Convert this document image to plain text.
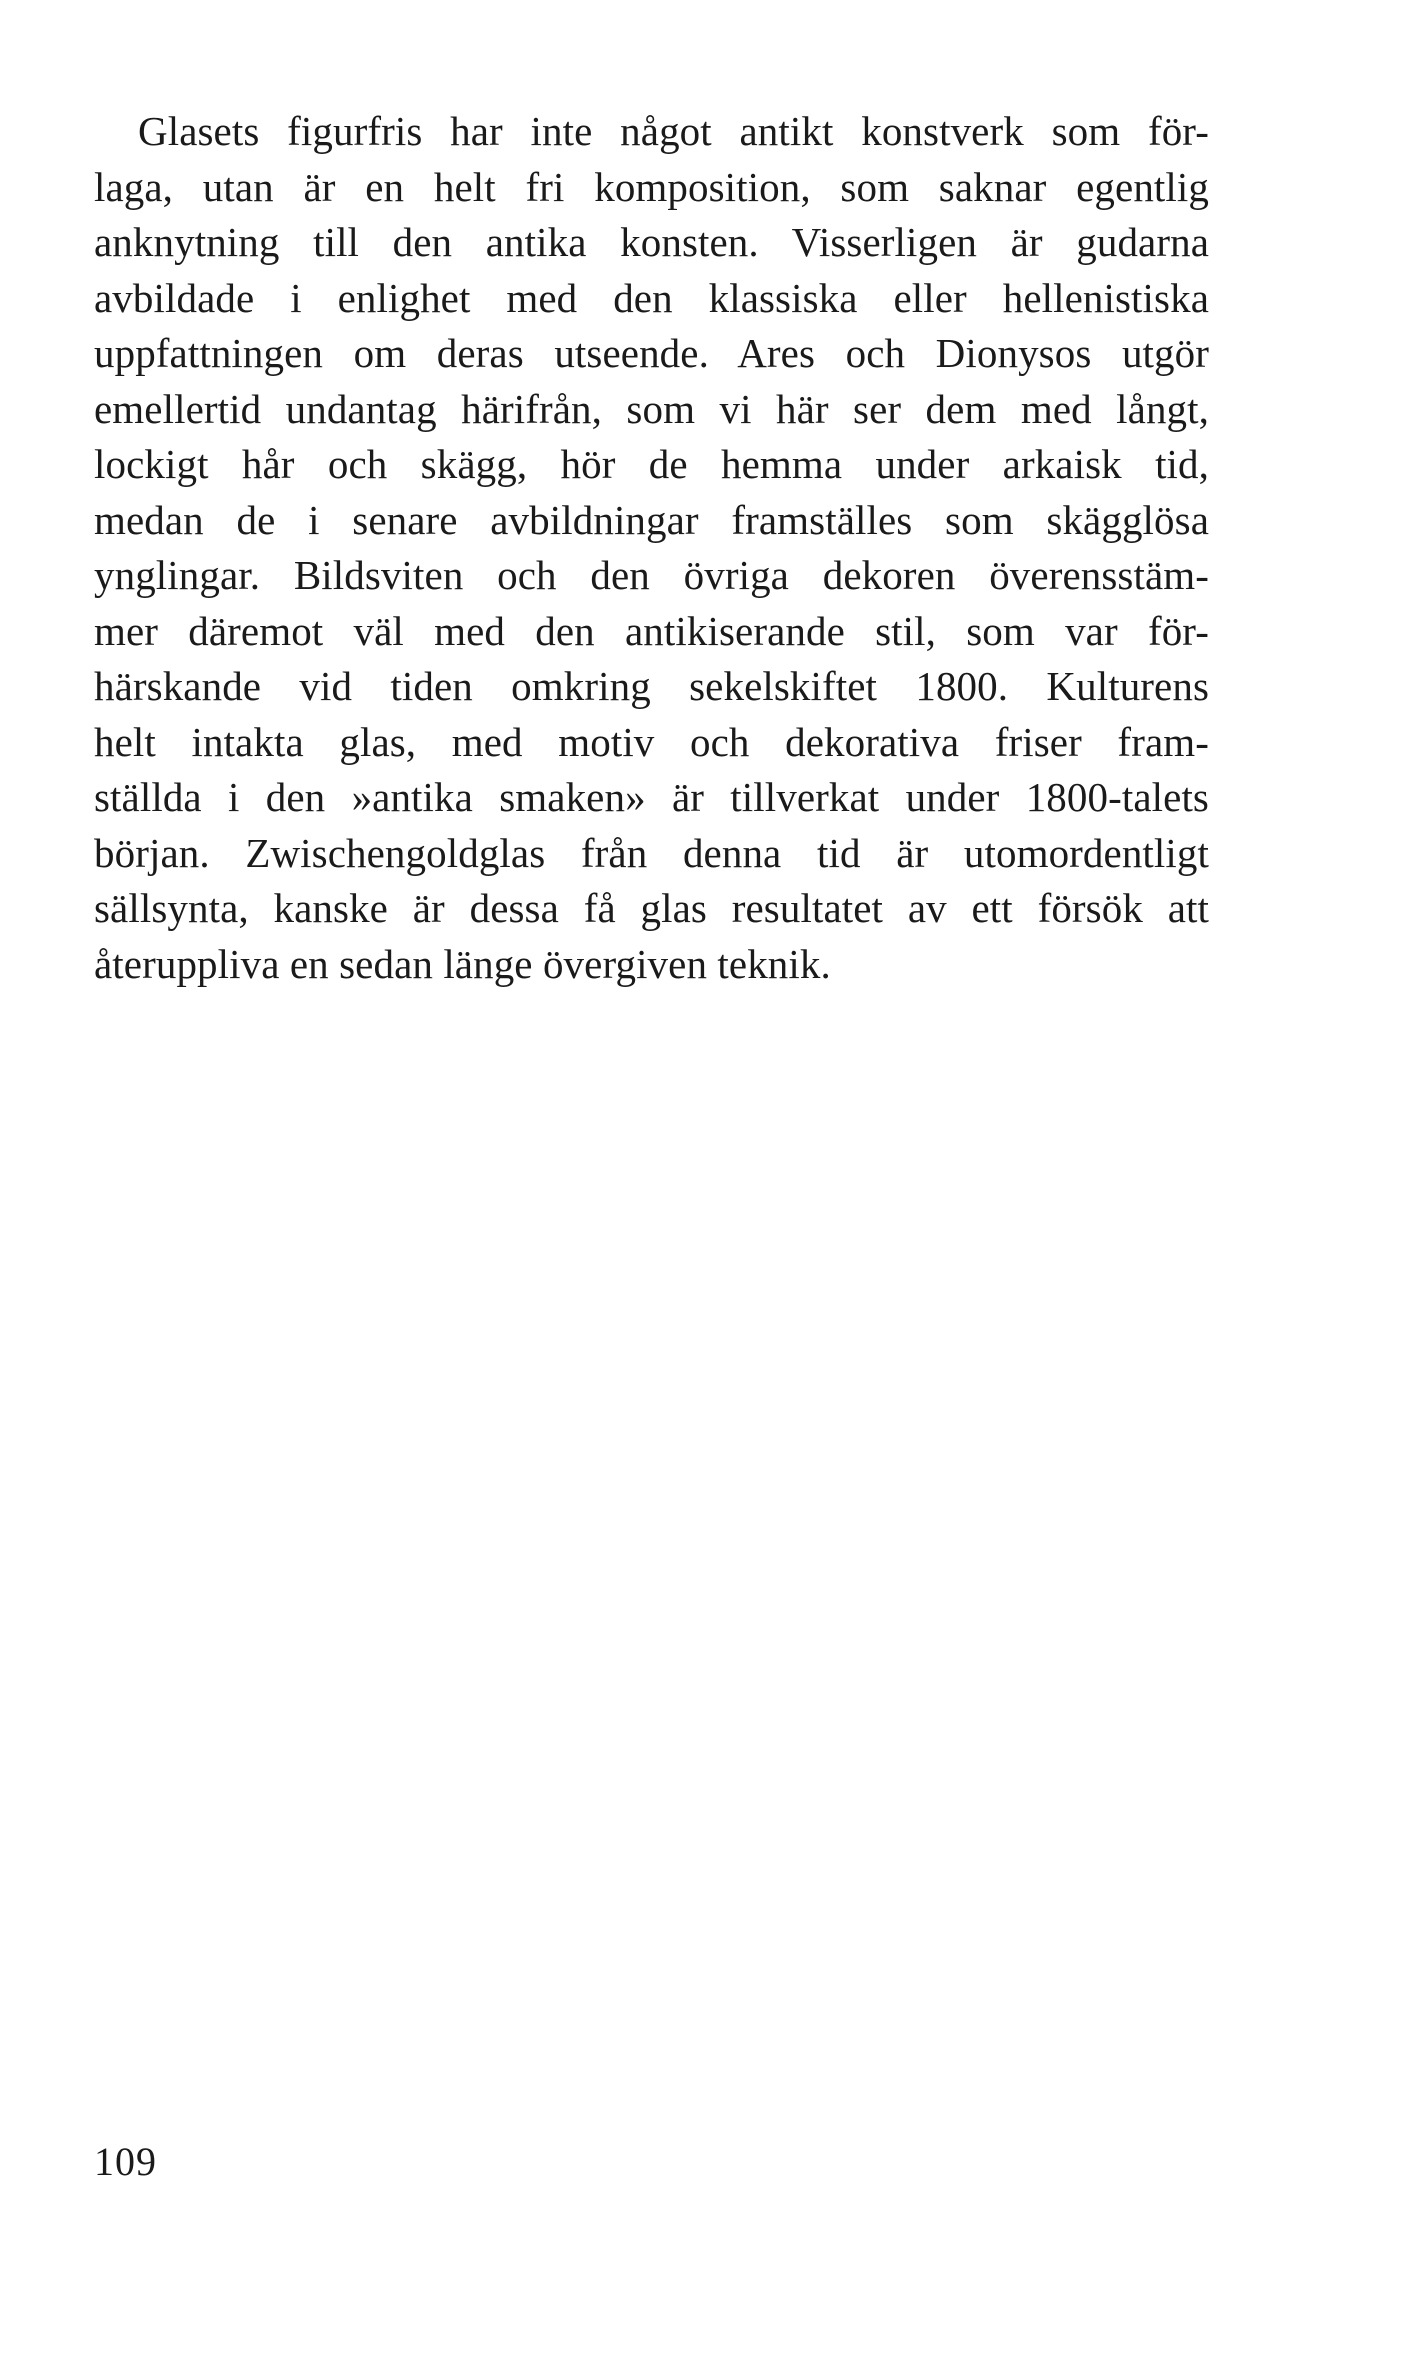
Glasets figurfris har inte något antikt konstverk som för-
laga, utan är en helt fri komposition, som saknar egentlig
anknytning till den antika konsten. Visserligen är gudarna
avbildade i enlighet med den klassiska eller hellenistiska
uppfattningen om deras utseende. Ares och Dionysos utgör
emellertid undantag härifrån, som vi här ser dem med långt,
lockigt hår och skägg, hör de hemma under arkaisk tid,
medan de i senare avbildningar framställes som skägglösa
ynglingar. Bildsviten och den övriga dekoren överensstäm-
mer däremot väl med den antikiserande stil, som var för-
härskande vid tiden omkring sekelskiftet 1800. Kulturens
helt intakta glas, med motiv och dekorativa friser fram-
ställda i den »antika smaken» är tillverkat under 1800-talets
början. Zwischengoldglas från denna tid är utomordentligt
sällsynta, kanske är dessa få glas resultatet av ett försök att
återuppliva en sedan länge övergiven teknik.
109
